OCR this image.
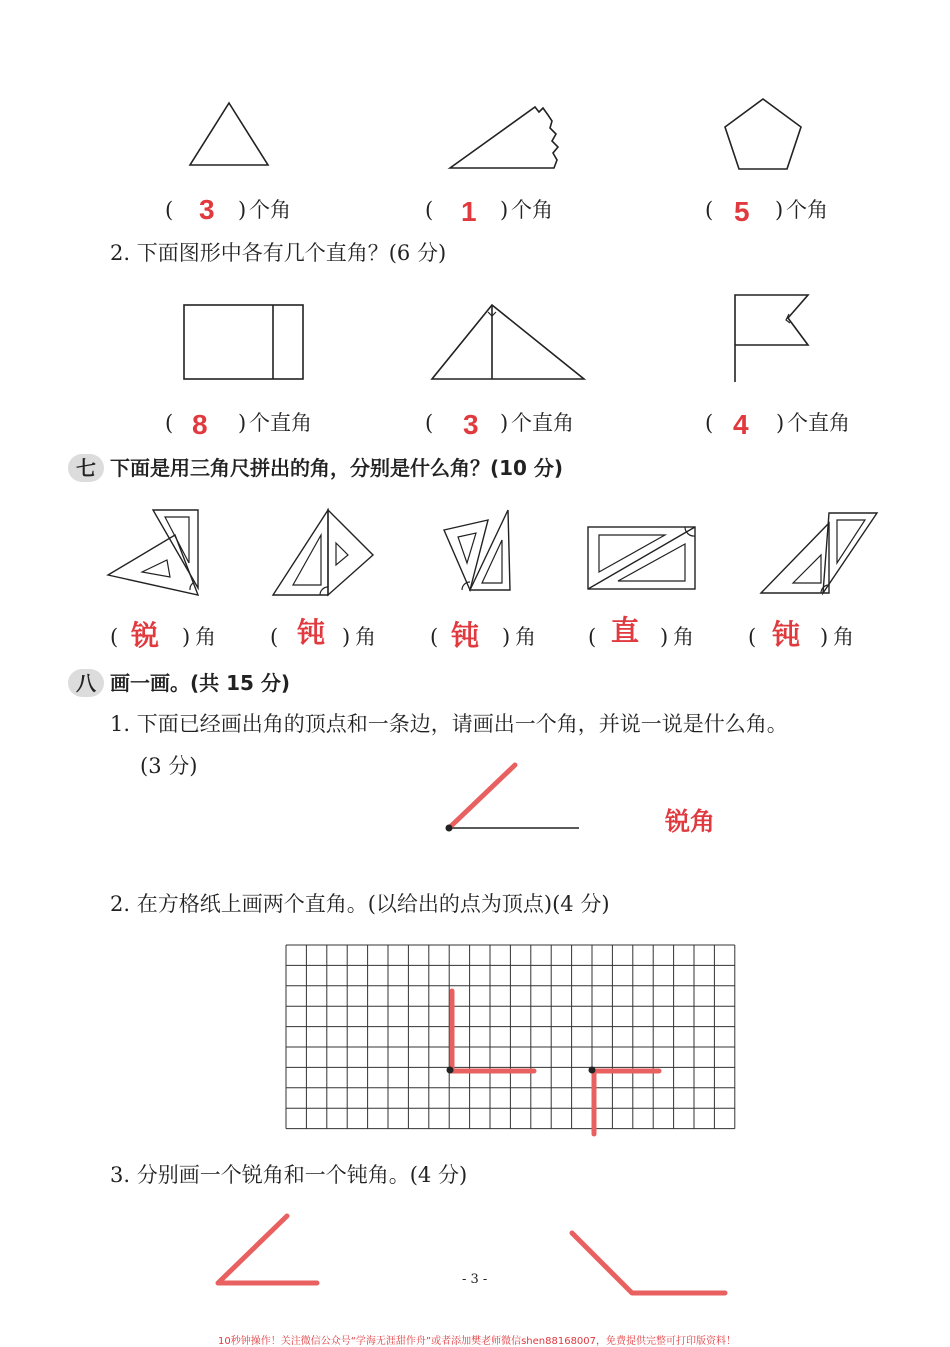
( 3 ) 个角	( 1 ) 个角	( 5 ) 个角
2. 下面图形中各有几个直角？(6 分)
( 8 ) 个直角	( 3 ) 个直角	( 4 ) 个直角
七 下面是用三角尺拼出的角，分别是什么角？(10 分)
( 锐 ) 角	( 钝 ) 角	( 钝 ) 角 ( 直 ) 角	( 钝 ) 角
八 画一画。(共 15 分)
1. 下面已经画出角的顶点和一条边，请画出一个角，并说一说是什么角。
(3 分)
锐角
2. 在方格纸上画两个直角。(以给出的点为顶点)(4 分)
3. 分别画一个锐角和一个钝角。(4 分)
- 3 -
10秒钟操作！关注微信公众号“学海无涯甜作舟”或者添加樊老师微信shen88168007，免费提供完整可打印版资料！
